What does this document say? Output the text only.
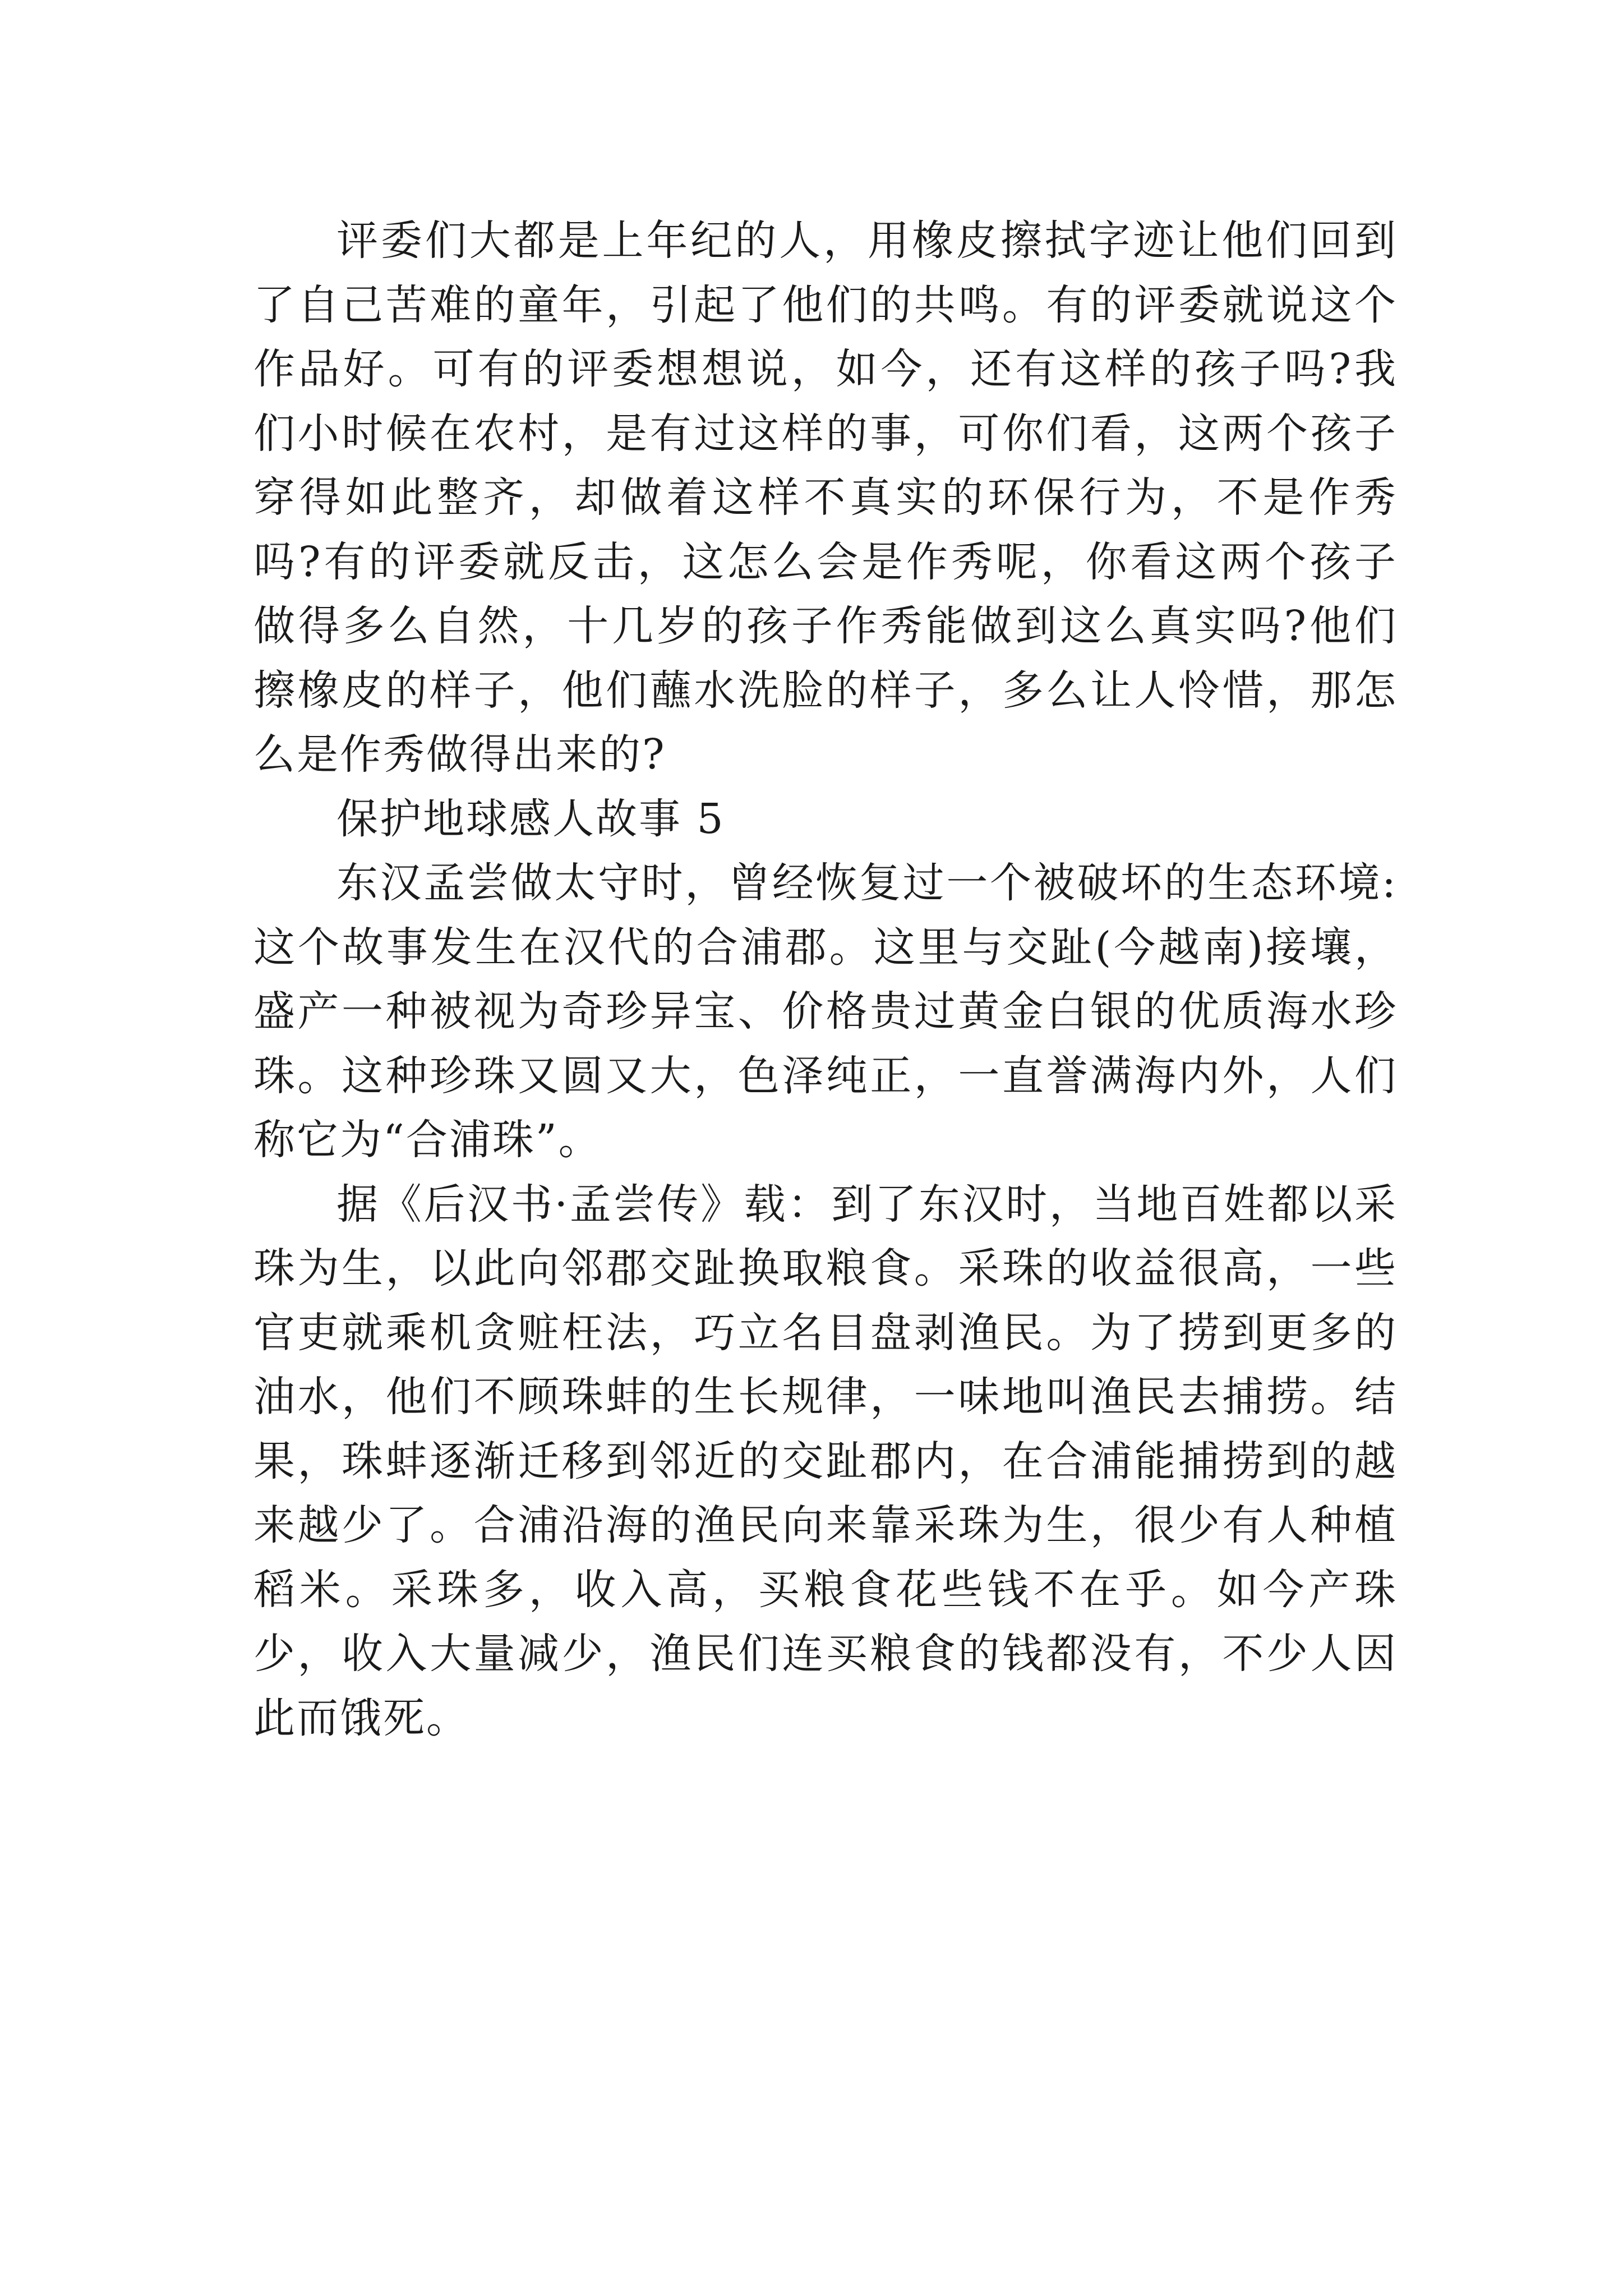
评委们大都是上年纪的人，用橡皮擦拭字迹让他们回到了自己苦难的童年，引起了他们的共鸣。有的评委就说这个作品好。可有的评委想想说，如今，还有这样的孩子吗?我们小时候在农村，是有过这样的事，可你们看，这两个孩子穿得如此整齐，却做着这样不真实的环保行为，不是作秀吗?有的评委就反击，这怎么会是作秀呢，你看这两个孩子做得多么自然，十几岁的孩子作秀能做到这么真实吗?他们擦橡皮的样子，他们蘸水洗脸的样子，多么让人怜惜，那怎么是作秀做得出来的?

保护地球感人故事 5

东汉孟尝做太守时，曾经恢复过一个被破坏的生态环境:这个故事发生在汉代的合浦郡。这里与交趾(今越南)接壤，盛产一种被视为奇珍异宝、价格贵过黄金白银的优质海水珍珠。这种珍珠又圆又大，色泽纯正，一直誉满海内外，人们称它为“合浦珠”。

据《后汉书·孟尝传》载：到了东汉时，当地百姓都以采珠为生，以此向邻郡交趾换取粮食。采珠的收益很高，一些官吏就乘机贪赃枉法，巧立名目盘剥渔民。为了捞到更多的油水，他们不顾珠蚌的生长规律，一味地叫渔民去捕捞。结果，珠蚌逐渐迁移到邻近的交趾郡内，在合浦能捕捞到的越来越少了。合浦沿海的渔民向来靠采珠为生，很少有人种植稻米。采珠多，收入高，买粮食花些钱不在乎。如今产珠少，收入大量减少，渔民们连买粮食的钱都没有，不少人因此而饿死。
